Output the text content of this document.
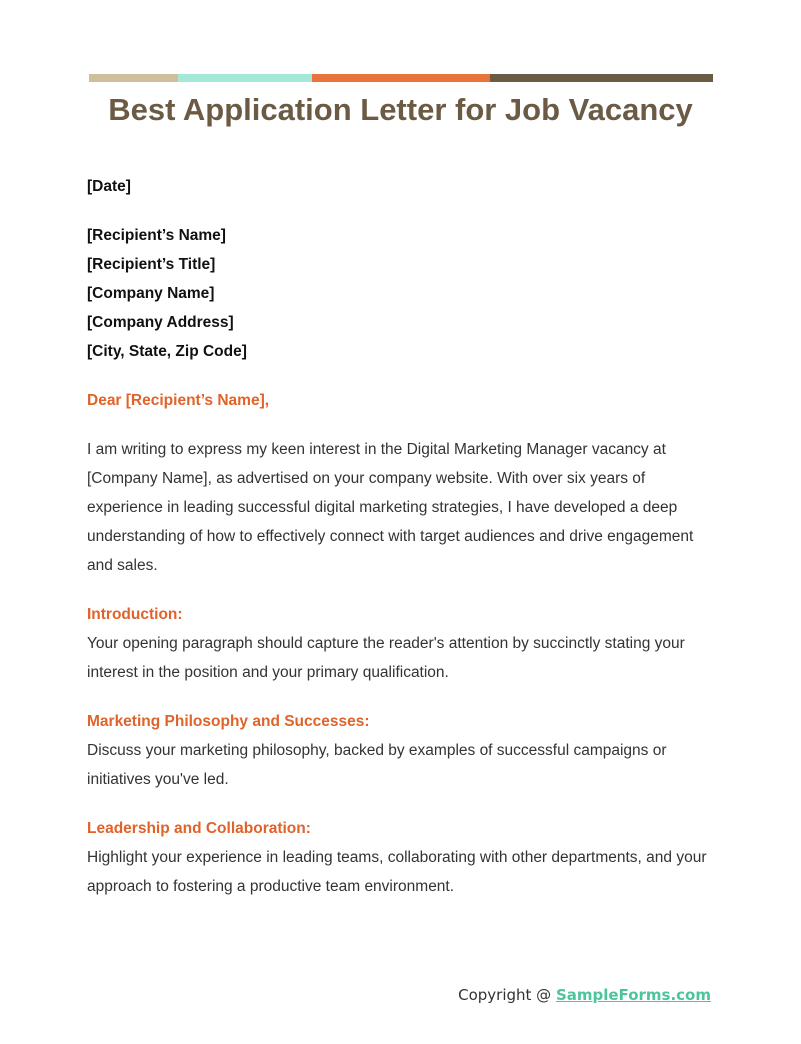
Best Application Letter for Job Vacancy
[Date]
[Recipient’s Name]
[Recipient’s Title]
[Company Name]
[Company Address]
[City, State, Zip Code]
Dear [Recipient’s Name],

I am writing to express my keen interest in the Digital Marketing Manager vacancy at [Company Name], as advertised on your company website. With over six years of experience in leading successful digital marketing strategies, I have developed a deep understanding of how to effectively connect with target audiences and drive engagement and sales.

Introduction:

Your opening paragraph should capture the reader's attention by succinctly stating your interest in the position and your primary qualification.

Marketing Philosophy and Successes:

Discuss your marketing philosophy, backed by examples of successful campaigns or initiatives you've led.

Leadership and Collaboration:

Highlight your experience in leading teams, collaborating with other departments, and your approach to fostering a productive team environment.

Copyright @ SampleForms.com
